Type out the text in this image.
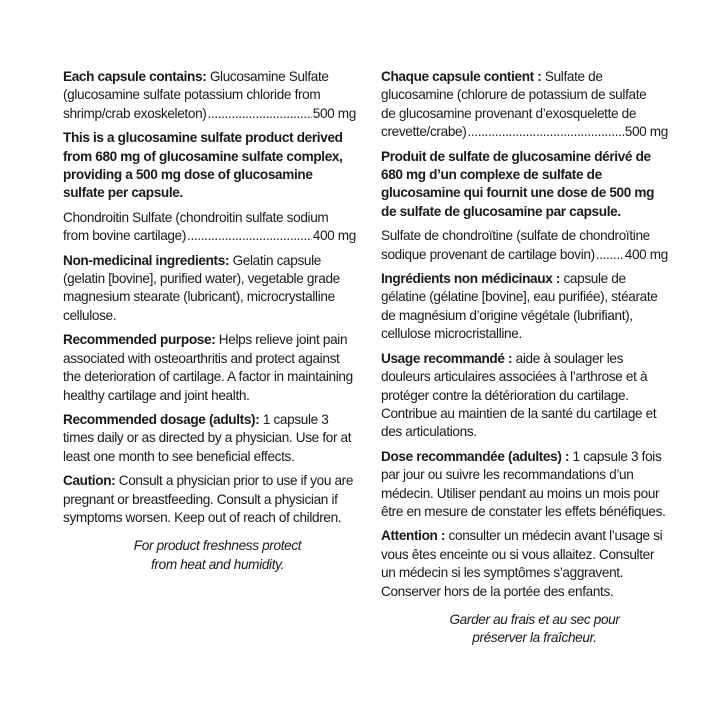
Each capsule contains: Glucosamine Sulfate
(glucosamine sulfate potassium chloride from
shrimp/crab exoskeleton) .....	500 mg
This is a glucosamine sulfate product derived from 680 mg of glucosamine sulfate complex, providing a 500 mg dose of glucosamine sulfate per capsule.
Chondroitin Sulfate (chondroitin sulfate sodium
from bovine cartilage) .....	400 mg
Non-medicinal ingredients: Gelatin capsule (gelatin [bovine], purified water), vegetable grade magnesium stearate (lubricant), microcrystalline cellulose.
Recommended purpose: Helps relieve joint pain associated with osteoarthritis and protect against the deterioration of cartilage. A factor in maintaining healthy cartilage and joint health.
Recommended dosage (adults): 1 capsule 3 times daily or as directed by a physician. Use for at least one month to see beneficial effects.
Caution: Consult a physician prior to use if you are pregnant or breastfeeding. Consult a physician if symptoms worsen. Keep out of reach of children.
For product freshness protect
from heat and humidity.
Chaque capsule contient : Sulfate de
glucosamine (chlorure de potassium de sulfate
de glucosamine provenant d’exosquelette de
crevette/crabe) .....	500 mg
Produit de sulfate de glucosamine dérivé de 680 mg d’un complexe de sulfate de glucosamine qui fournit une dose de 500 mg de sulfate de glucosamine par capsule.
Sulfate de chondroïtine (sulfate de chondroïtine
sodique provenant de cartilage bovin) ..... 400 mg
Ingrédients non médicinaux : capsule de gélatine (gélatine [bovine], eau purifiée), stéarate de magnésium d’origine végétale (lubrifiant), cellulose microcristalline.
Usage recommandé : aide à soulager les douleurs articulaires associées à l’arthrose et à protéger contre la détérioration du cartilage. Contribue au maintien de la santé du cartilage et des articulations.
Dose recommandée (adultes) : 1 capsule 3 fois par jour ou suivre les recommandations d’un médecin. Utiliser pendant au moins un mois pour être en mesure de constater les effets bénéfiques.
Attention : consulter un médecin avant l’usage si vous êtes enceinte ou si vous allaitez. Consulter un médecin si les symptômes s’aggravent. Conserver hors de la portée des enfants.
Garder au frais et au sec pour
préserver la fraîcheur.
